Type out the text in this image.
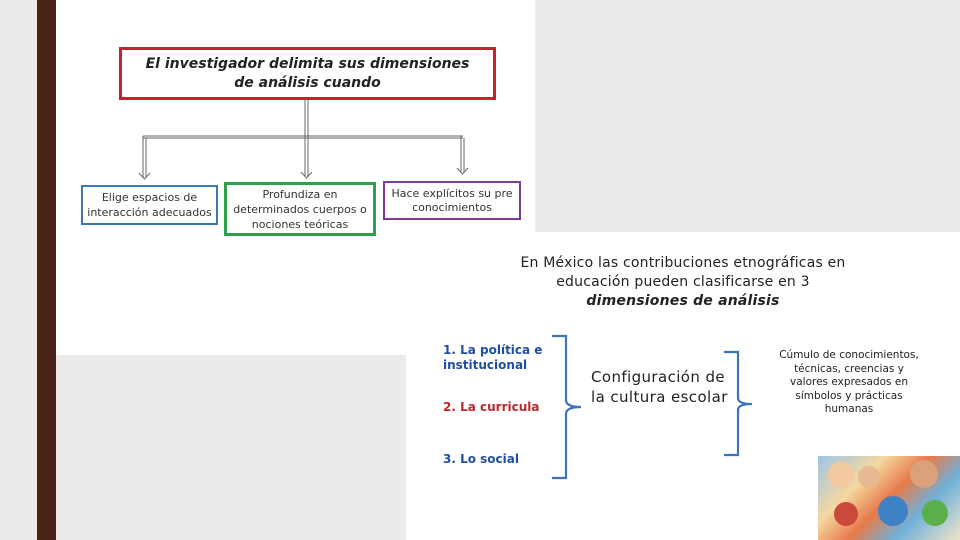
El investigador delimita sus dimensiones de análisis cuando
Elige espacios de interacción adecuados
Profundiza en determinados cuerpos o nociones teóricas
Hace explícitos su pre conocimientos
En México las contribuciones etnográficas en
educación pueden clasificarse en 3
dimensiones de análisis
1. La política e institucional
2. La curricula
3. Lo social
Configuración de la cultura escolar
Cúmulo de conocimientos, técnicas, creencias y valores expresados en símbolos y prácticas humanas
